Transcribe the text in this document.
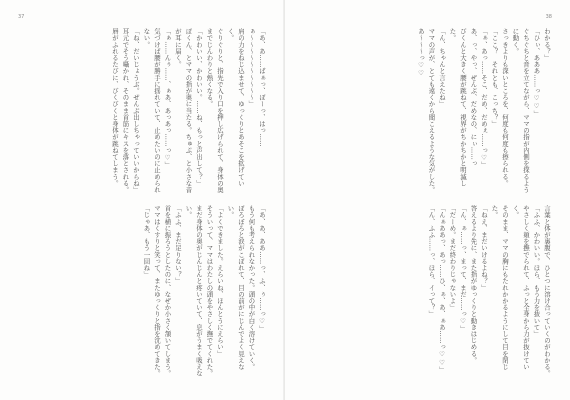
37

「あ、あ……ばぁっ、ぼーっ、はっ……ぁ〜〜〜〜〜〜〜〜〜〜」

肩の力をねじ込ませて、ゆっくりとあそこを拡げていく。

ぐりぐりと、指先で入り口を押し広げられて、身体の奥までじんわりと熱くなる。

「かわいい、かわいい。……ね、もっと声出して？」

ぼくん、とママの指が奥に当たる。ちゅぷ、と小さな音が耳に届く。

「ぁ……んぅ……、ぁあ、あっあっ……っ♡」

気づけば腰が勝手に揺れていて、止めたいのに止められない。

「ね、だいじょうぶ。ぜんぶ出しちゃっていいからね」

耳元でそう囁かれ、そのまま首筋にキスを落とされる。

唇がふれるたびに、びくびくと身体が跳ねてしまう。

「あ、あ、ああ……っ、ふ、ぅ……っ♡」

もう何も考えられなかった。頭の中が白く溶けていく。

ぼろぼろと涙がこぼれて、目の前がにじんでよく見えない。

「よくできました。えらいね、ほんとうにえらい」

そういって、ママはわたしの頭をやさしく撫でてくれた。

まだ身体の奥がじんじんと疼いていて、息がうまく吸えない。

「ふふ、まだ足りない？」

首を横に振ろうとしたのに、なぜか小さく頷いてしまう。

ママはくすりと笑って、またゆっくりと指を沈めてきた。

「じゃあ、もう一回ね」

38

わかる？」

「ひぃ、あああ……っ♡♡」

ぐちぐちと音を立てながら、ママの指が内側を探るように動く。

さっきよりも深いところを、何度も何度も擦られる。

「ここ？　それとも、こっち？」

「ぁ、あっ……そこ、だめ、だめぇ……っ♡」

あ、っ、やっ、ぜんぶ、だめなの、にぃ……っ

びくんと大きく腰が跳ねて、視界がちかちかと明滅した。

「ん、ちゃんと言えたね」

ママの声が、とても遠くから聞こえるような気がした。

あ〜〜〜っ♡♡

言葉と体が裏腹で、ひとつに溶け合っていくのがわかる。

「ふふ、かわいい。ほら、もう力を抜いて」

やさしく頬を撫でられて、ふっと全身から力が抜けていく。

そのまま、ママの胸にもたれかかるようにして目を閉じた。

「ねえ、まだいけるよね？」

答えるより先に、また指がゆっくりと動きはじめる。

「ん、ぁ……っ、まって、まだ……っ♡」

「だーめ。まだ終わりじゃないよ」

「んぁああっ、あっ……ひ、ぁ、あ、ぁあ……っ♡♡」

「ん、ふふ……っ、ほら、イって？」
